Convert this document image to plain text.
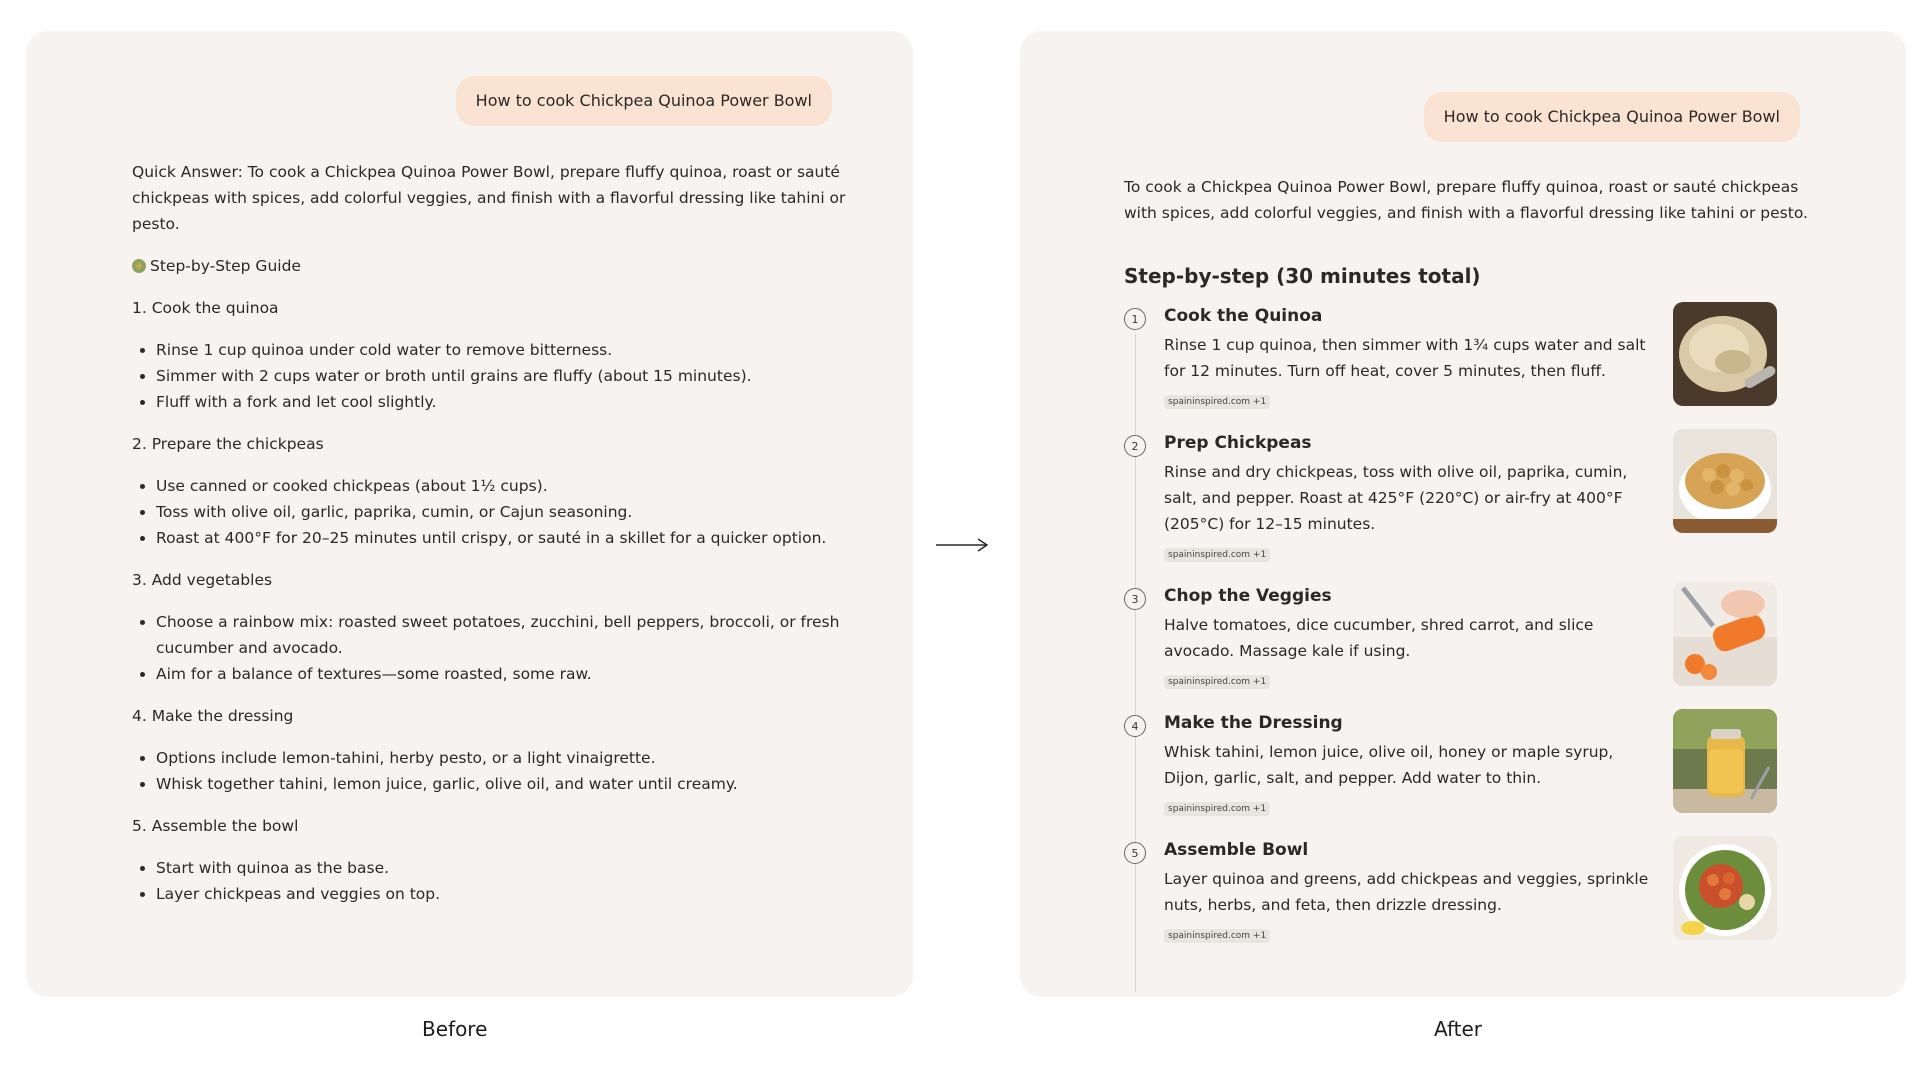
How to cook Chickpea Quinoa Power Bowl

Quick Answer: To cook a Chickpea Quinoa Power Bowl, prepare fluffy quinoa, roast or sauté chickpeas with spices, add colorful veggies, and finish with a flavorful dressing like tahini or pesto.

Step-by-Step Guide
1. Cook the quinoa
• Rinse 1 cup quinoa under cold water to remove bitterness.
• Simmer with 2 cups water or broth until grains are fluffy (about 15 minutes).
• Fluff with a fork and let cool slightly.
2. Prepare the chickpeas
• Use canned or cooked chickpeas (about 1½ cups).
• Toss with olive oil, garlic, paprika, cumin, or Cajun seasoning.
• Roast at 400°F for 20–25 minutes until crispy, or sauté in a skillet for a quicker option.
3. Add vegetables
• Choose a rainbow mix: roasted sweet potatoes, zucchini, bell peppers, broccoli, or fresh cucumber and avocado.
• Aim for a balance of textures—some roasted, some raw.
4. Make the dressing
• Options include lemon-tahini, herby pesto, or a light vinaigrette.
• Whisk together tahini, lemon juice, garlic, olive oil, and water until creamy.
5. Assemble the bowl
• Start with quinoa as the base.
• Layer chickpeas and veggies on top.
How to cook Chickpea Quinoa Power Bowl
To cook a Chickpea Quinoa Power Bowl, prepare fluffy quinoa, roast or sauté chickpeas with spices, add colorful veggies, and finish with a flavorful dressing like tahini or pesto.
Step-by-step (30 minutes total)
1	Cook the Quinoa
Rinse 1 cup quinoa, then simmer with 1¾ cups water and salt for 12 minutes. Turn off heat, cover 5 minutes, then fluff.
spaininspired.com +1
2	Prep Chickpeas
Rinse and dry chickpeas, toss with olive oil, paprika, cumin, salt, and pepper. Roast at 425°F (220°C) or air-fry at 400°F (205°C) for 12–15 minutes.
spaininspired.com +1
3	Chop the Veggies
Halve tomatoes, dice cucumber, shred carrot, and slice avocado. Massage kale if using.
spaininspired.com +1
4	Make the Dressing
Whisk tahini, lemon juice, olive oil, honey or maple syrup, Dijon, garlic, salt, and pepper. Add water to thin.
spaininspired.com +1
5	Assemble Bowl
Layer quinoa and greens, add chickpeas and veggies, sprinkle nuts, herbs, and feta, then drizzle dressing.
spaininspired.com +1
Before	After
